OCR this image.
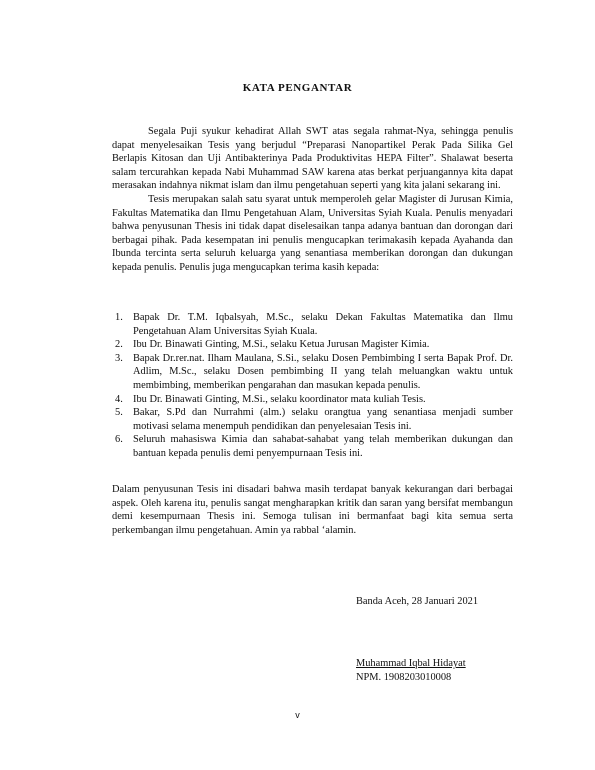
KATA PENGANTAR

Segala Puji syukur kehadirat Allah SWT atas segala rahmat-Nya, sehingga penulis dapat menyelesaikan Tesis yang berjudul “Preparasi Nanopartikel Perak Pada Silika Gel Berlapis Kitosan dan Uji Antibakterinya Pada Produktivitas HEPA Filter”. Shalawat beserta salam tercurahkan kepada Nabi Muhammad SAW karena atas berkat perjuangannya kita dapat merasakan indahnya nikmat islam dan ilmu pengetahuan seperti yang kita jalani sekarang ini.

Tesis merupakan salah satu syarat untuk memperoleh gelar Magister di Jurusan Kimia, Fakultas Matematika dan Ilmu Pengetahuan Alam, Universitas Syiah Kuala. Penulis menyadari bahwa penyusunan Thesis ini tidak dapat diselesaikan tanpa adanya bantuan dan dorongan dari berbagai pihak. Pada kesempatan ini penulis mengucapkan terimakasih kepada Ayahanda dan Ibunda tercinta serta seluruh keluarga yang senantiasa memberikan dorongan dan dukungan kepada penulis. Penulis juga mengucapkan terima kasih kepada:

1. Bapak Dr. T.M. Iqbalsyah, M.Sc., selaku Dekan Fakultas Matematika dan Ilmu Pengetahuan Alam Universitas Syiah Kuala.
2. Ibu Dr. Binawati Ginting, M.Si., selaku Ketua Jurusan Magister Kimia.
3. Bapak Dr.rer.nat. Ilham Maulana, S.Si., selaku Dosen Pembimbing I serta Bapak Prof. Dr. Adlim, M.Sc., selaku Dosen pembimbing II yang telah meluangkan waktu untuk membimbing, memberikan pengarahan dan masukan kepada penulis.
4. Ibu Dr. Binawati Ginting, M.Si., selaku koordinator mata kuliah Tesis.
5. Bakar, S.Pd dan Nurrahmi (alm.) selaku orangtua yang senantiasa menjadi sumber motivasi selama menempuh pendidikan dan penyelesaian Tesis ini.
6. Seluruh mahasiswa Kimia dan sahabat-sahabat yang telah memberikan dukungan dan bantuan kepada penulis demi penyempurnaan Tesis ini.

Dalam penyusunan Tesis ini disadari bahwa masih terdapat banyak kekurangan dari berbagai aspek. Oleh karena itu, penulis sangat mengharapkan kritik dan saran yang bersifat membangun demi kesempurnaan Thesis ini. Semoga tulisan ini bermanfaat bagi kita semua serta perkembangan ilmu pengetahuan. Amin ya rabbal ‘alamin.

Banda Aceh, 28 Januari 2021
Muhammad Iqbal Hidayat
NPM. 1908203010008
v
